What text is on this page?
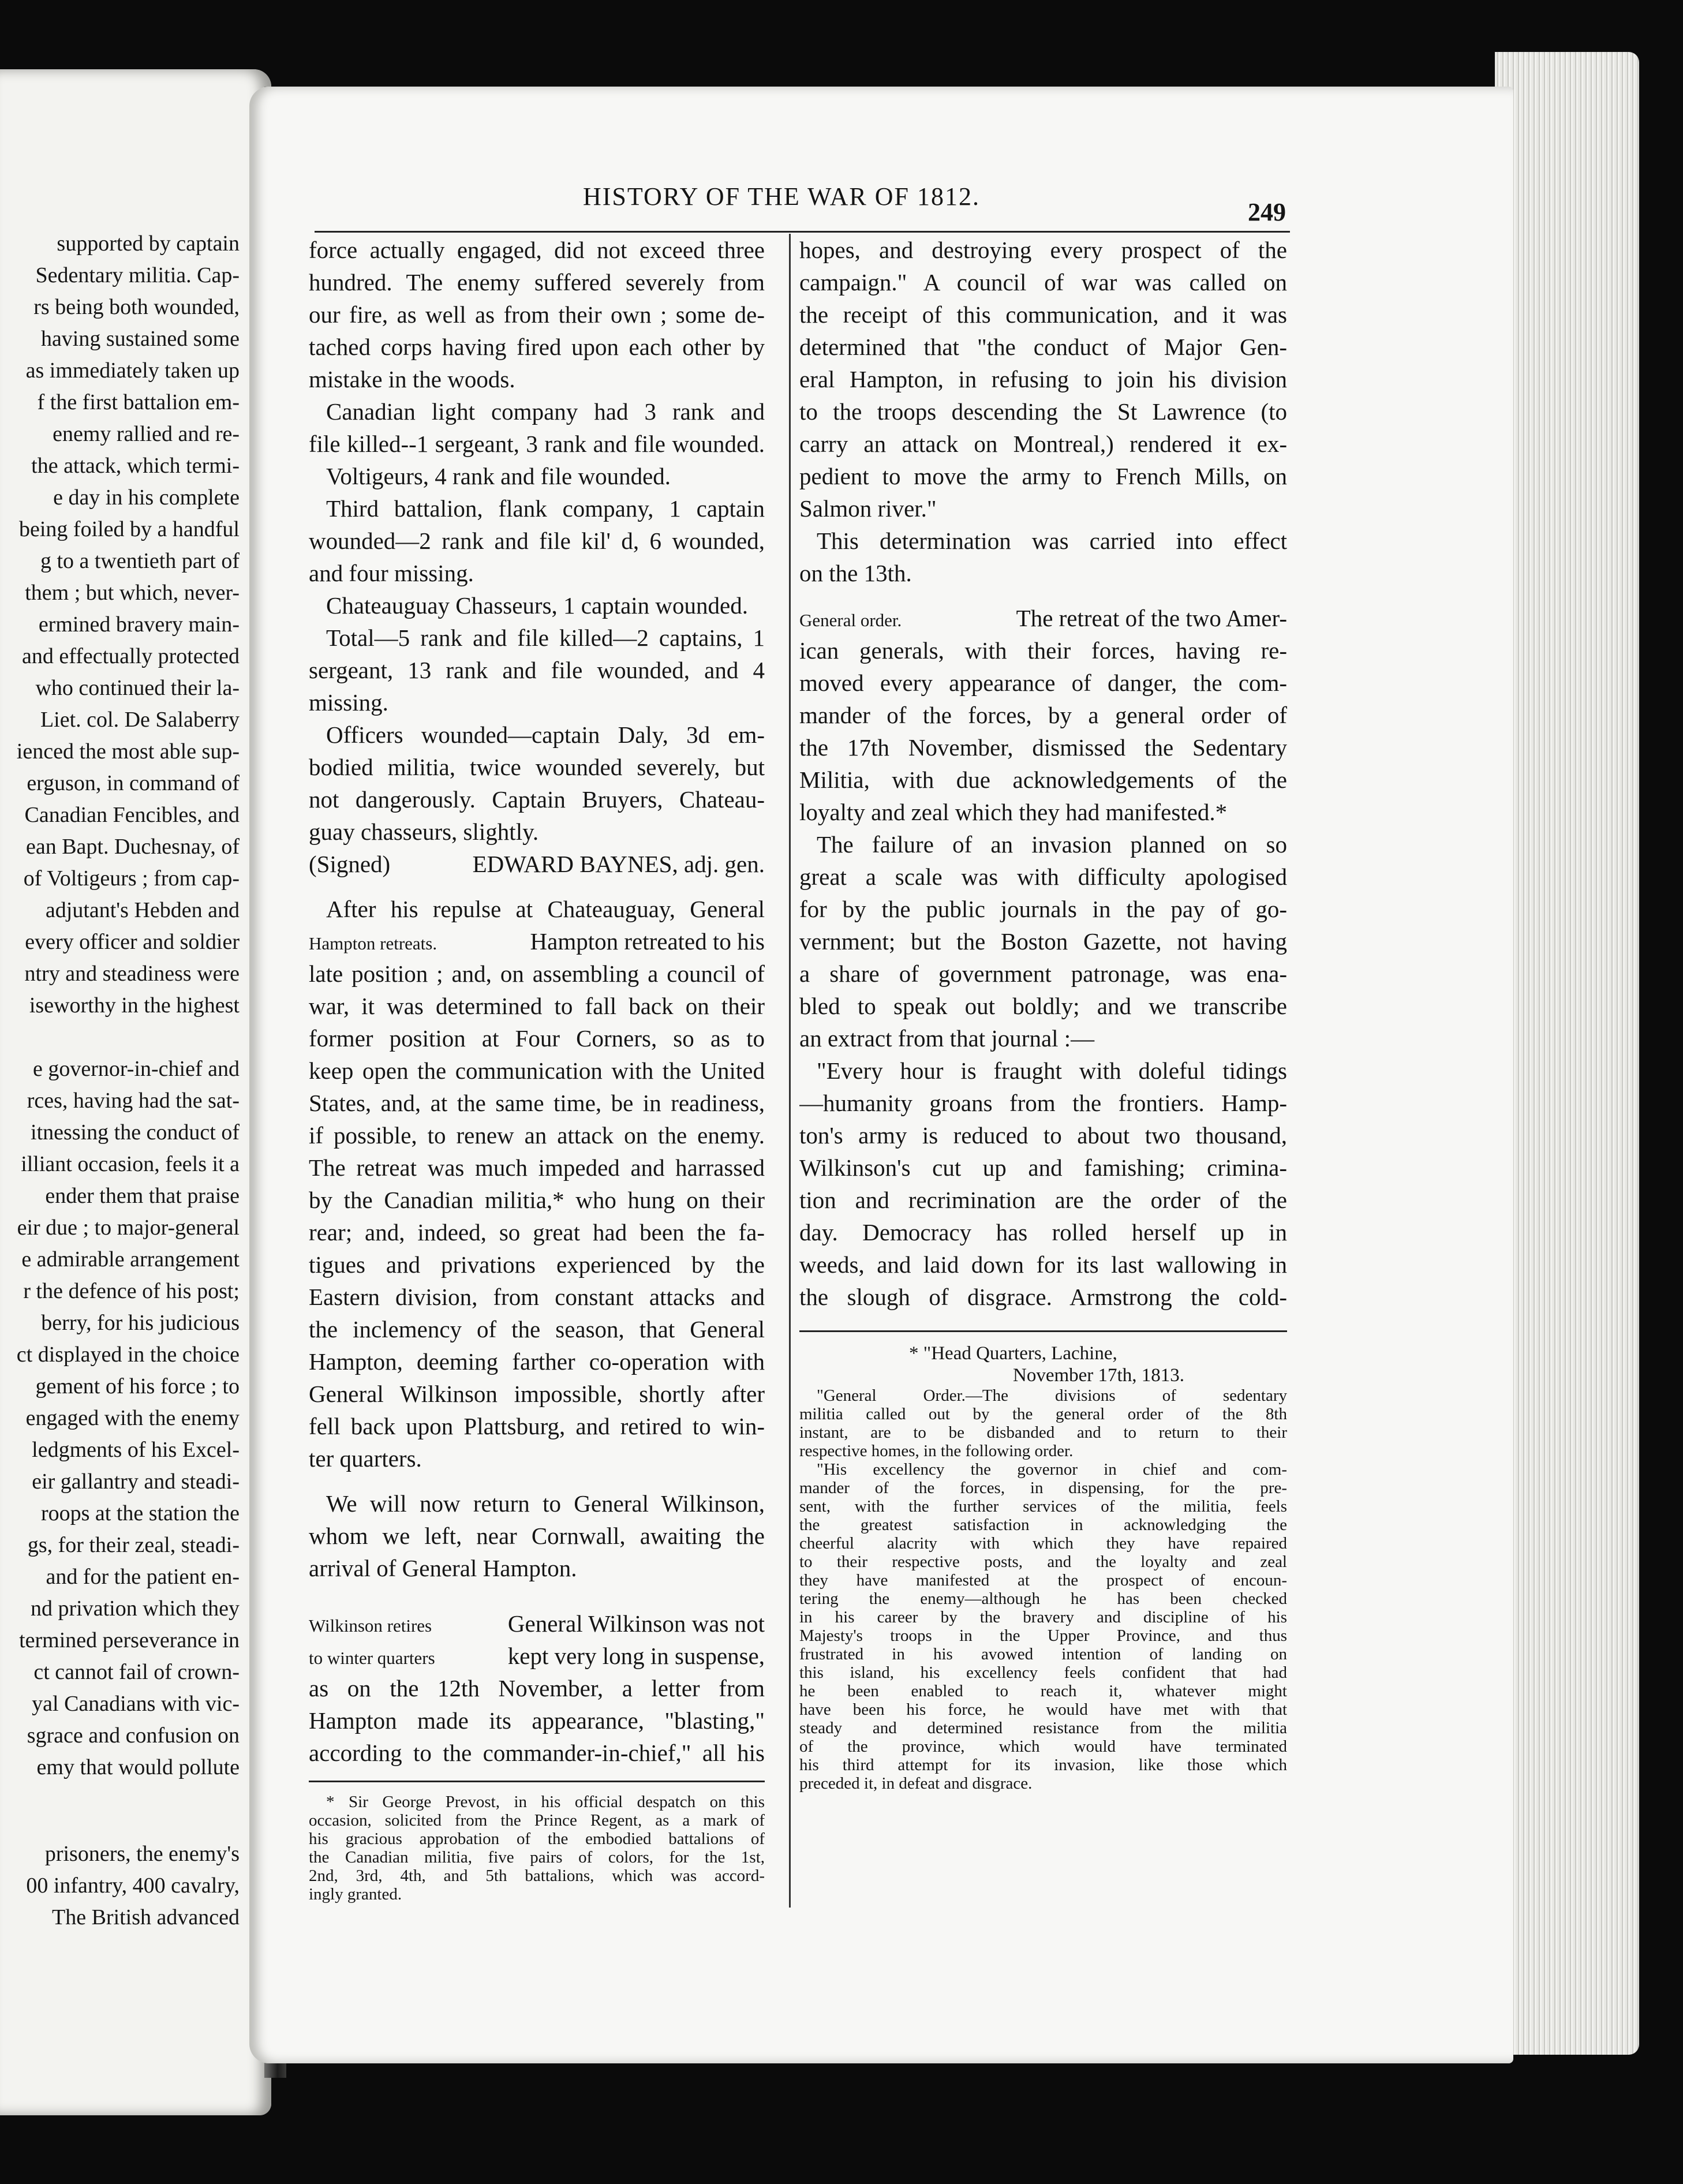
supported by captain
Sedentary militia. Cap-
rs being both wounded,
having sustained some
as immediately taken up
f the first battalion em-
enemy rallied and re-
the attack, which termi-
e day in his complete
being foiled by a handful
g to a twentieth part of
them ; but which, never-
ermined bravery main-
and effectually protected
who continued their la-
Liet. col. De Salaberry
ienced the most able sup-
erguson, in command of
Canadian Fencibles, and
ean Bapt. Duchesnay, of
of Voltigeurs ; from cap-
adjutant's Hebden and
every officer and soldier
ntry and steadiness were
iseworthy in the highest
e governor-in-chief and
rces, having had the sat-
itnessing the conduct of
illiant occasion, feels it a
ender them that praise
eir due ; to major-general
e admirable arrangement
r the defence of his post;
berry, for his judicious
ct displayed in the choice
gement of his force ; to
engaged with the enemy
ledgments of his Excel-
eir gallantry and steadi-
roops at the station the
gs, for their zeal, steadi-
and for the patient en-
nd privation which they
termined perseverance in
ct cannot fail of crown-
yal Canadians with vic-
sgrace and confusion on
emy that would pollute
prisoners, the enemy's
00 infantry, 400 cavalry,
The British advanced
HISTORY OF THE WAR OF 1812.
249
force actually engaged, did not exceed three
hundred. The enemy suffered severely from
our fire, as well as from their own ; some de-
tached corps having fired upon each other by
mistake in the woods.
Canadian light company had 3 rank and
file killed--1 sergeant, 3 rank and file wounded.
Voltigeurs, 4 rank and file wounded.
Third battalion, flank company, 1 captain
wounded—2 rank and file kil' d, 6 wounded,
and four missing.
Chateauguay Chasseurs, 1 captain wounded.
Total—5 rank and file killed—2 captains, 1
sergeant, 13 rank and file wounded, and 4
missing.
Officers wounded—captain Daly, 3d em-
bodied militia, twice wounded severely, but
not dangerously. Captain Bruyers, Chateau-
guay chasseurs, slightly.
(Signed)	EDWARD BAYNES, adj. gen.
After his repulse at Chateauguay, General
Hampton retreats.	Hampton retreated to his
late position ; and, on assembling a council of
war, it was determined to fall back on their
former position at Four Corners, so as to
keep open the communication with the United
States, and, at the same time, be in readiness,
if possible, to renew an attack on the enemy.
The retreat was much impeded and harrassed
by the Canadian militia,* who hung on their
rear; and, indeed, so great had been the fa-
tigues and privations experienced by the
Eastern division, from constant attacks and
the inclemency of the season, that General
Hampton, deeming farther co-operation with
General Wilkinson impossible, shortly after
fell back upon Plattsburg, and retired to win-
ter quarters.
We will now return to General Wilkinson,
whom we left, near Cornwall, awaiting the
arrival of General Hampton.
Wilkinson retires	General Wilkinson was not
to winter quarters	kept very long in suspense,
as on the 12th November, a letter from
Hampton made its appearance, "blasting,"
according to the commander-in-chief," all his
* Sir George Prevost, in his official despatch on this
occasion, solicited from the Prince Regent, as a mark of
his gracious approbation of the embodied battalions of
the Canadian militia, five pairs of colors, for the 1st,
2nd, 3rd, 4th, and 5th battalions, which was accord-
ingly granted.
hopes, and destroying every prospect of the
campaign." A council of war was called on
the receipt of this communication, and it was
determined that "the conduct of Major Gen-
eral Hampton, in refusing to join his division
to the troops descending the St Lawrence (to
carry an attack on Montreal,) rendered it ex-
pedient to move the army to French Mills, on
Salmon river."
This determination was carried into effect
on the 13th.
General order.	The retreat of the two Amer-
ican generals, with their forces, having re-
moved every appearance of danger, the com-
mander of the forces, by a general order of
the 17th November, dismissed the Sedentary
Militia, with due acknowledgements of the
loyalty and zeal which they had manifested.*
The failure of an invasion planned on so
great a scale was with difficulty apologised
for by the public journals in the pay of go-
vernment; but the Boston Gazette, not having
a share of government patronage, was ena-
bled to speak out boldly; and we transcribe
an extract from that journal :—
"Every hour is fraught with doleful tidings
—humanity groans from the frontiers. Hamp-
ton's army is reduced to about two thousand,
Wilkinson's cut up and famishing; crimina-
tion and recrimination are the order of the
day. Democracy has rolled herself up in
weeds, and laid down for its last wallowing in
the slough of disgrace. Armstrong the cold-
* "Head Quarters, Lachine,
November 17th, 1813.
"General Order.—The divisions of sedentary
militia called out by the general order of the 8th
instant, are to be disbanded and to return to their
respective homes, in the following order.
"His excellency the governor in chief and com-
mander of the forces, in dispensing, for the pre-
sent, with the further services of the militia, feels
the greatest satisfaction in acknowledging the
cheerful alacrity with which they have repaired
to their respective posts, and the loyalty and zeal
they have manifested at the prospect of encoun-
tering the enemy—although he has been checked
in his career by the bravery and discipline of his
Majesty's troops in the Upper Province, and thus
frustrated in his avowed intention of landing on
this island, his excellency feels confident that had
he been enabled to reach it, whatever might
have been his force, he would have met with that
steady and determined resistance from the militia
of the province, which would have terminated
his third attempt for its invasion, like those which
preceded it, in defeat and disgrace.
